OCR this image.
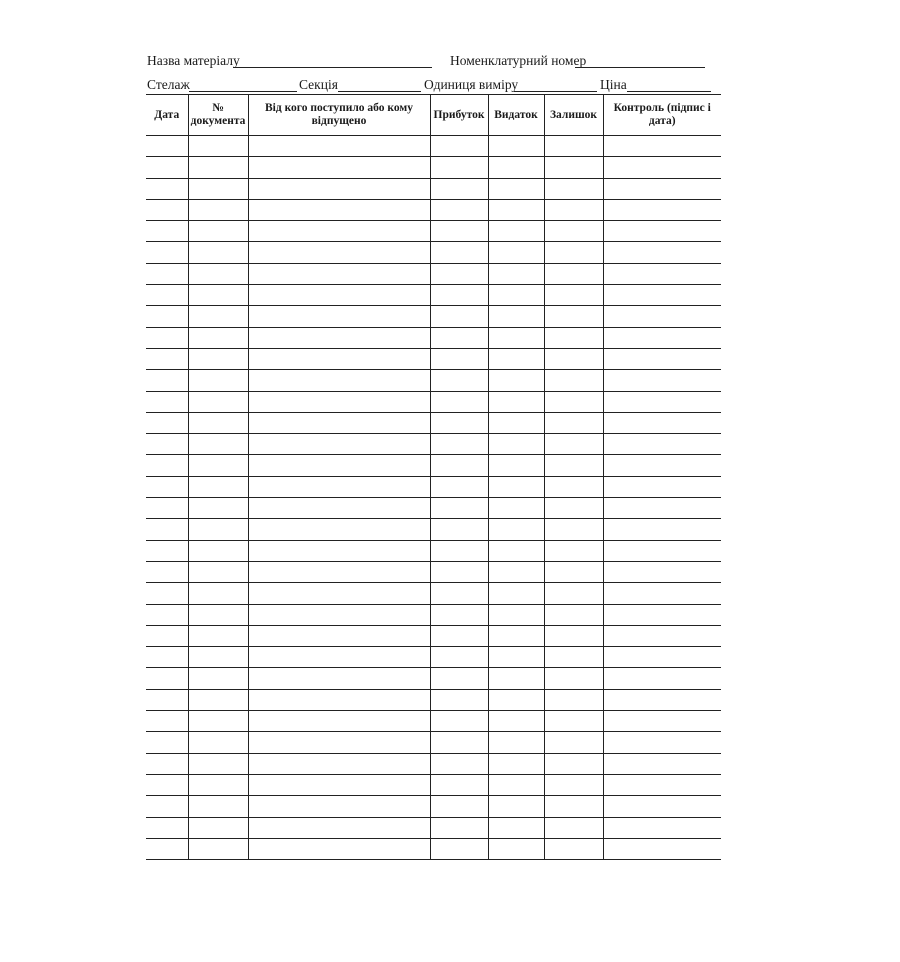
Назва матеріалу	Номенклатурний номер
Стелаж	Секція	Одиниця виміру	Ціна
Дата	№ документа	Від кого поступило або кому відпущено	Прибуток	Видаток	Залишок	Контроль (підпис і дата)
